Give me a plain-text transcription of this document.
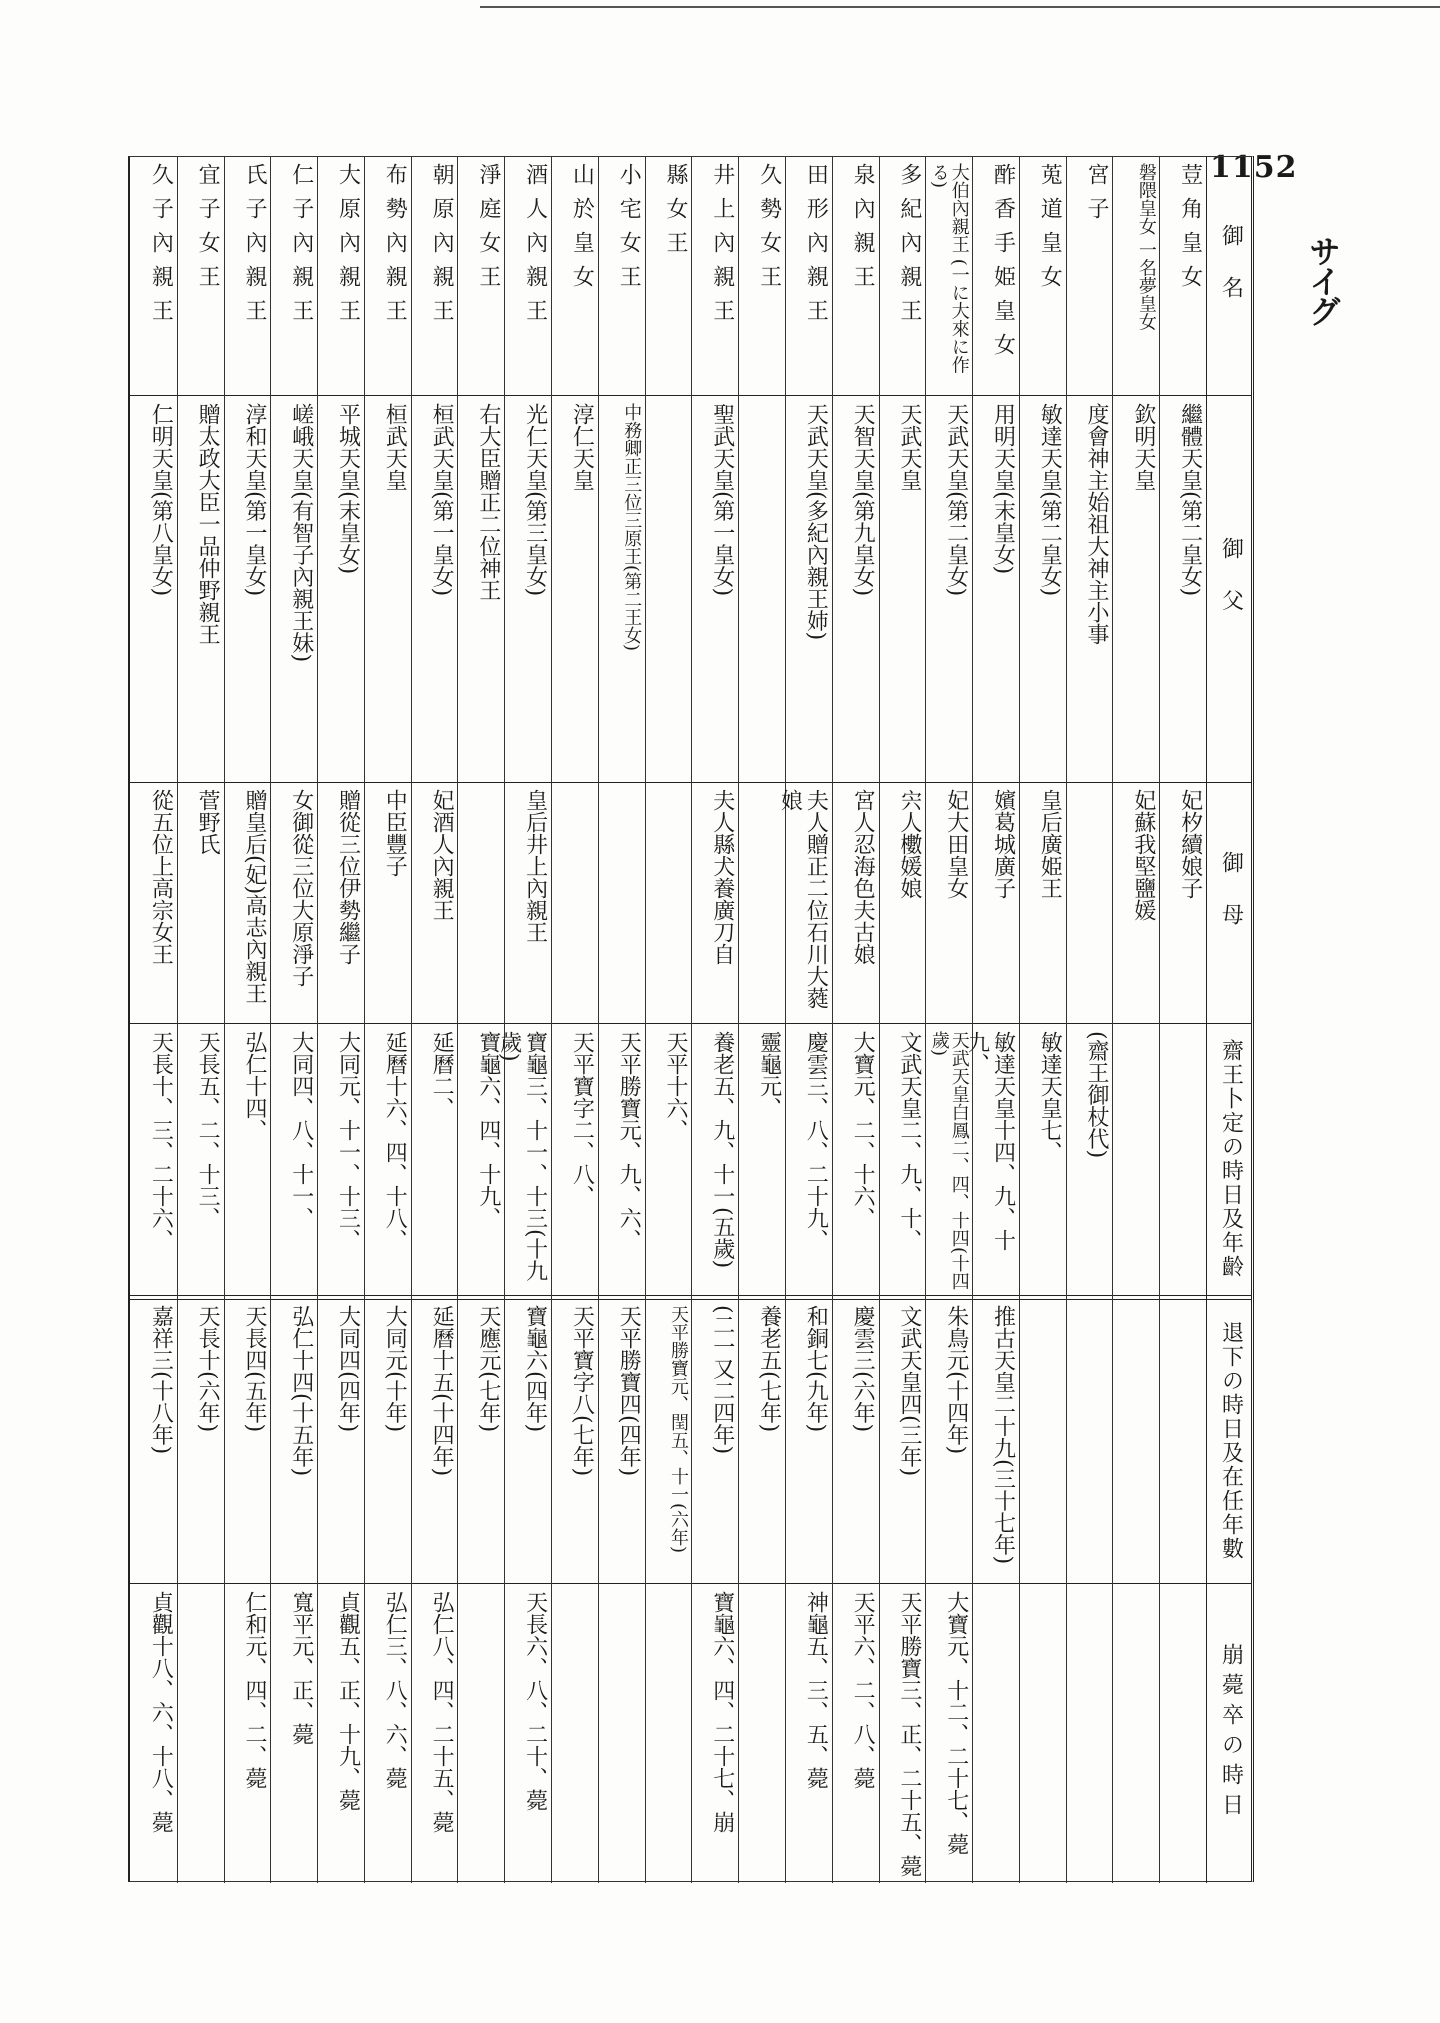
1152
サイグ
御名
御父
御母
齋王卜定の時日及年齡
退下の時日及在任年數
崩薨卒の時日
荳角皇女
繼體天皇(第二皇女)
妃𣏐續娘子
磐隈皇女 一名夢皇女
欽明天皇
妃蘇我堅鹽媛
宮子
度會神主始祖大神主小事
(齋王御杖代)
莵道皇女
敏達天皇(第二皇女)
皇后廣姫王
敏達天皇七、
酢香手姫皇女
用明天皇(末皇女)
嬪葛城廣子
敏達天皇十四、九、十九、
推古天皇二十九(三十七年)
大伯內親王 (一に大來に作る)
天武天皇(第二皇女)
妃大田皇女
天武天皇白鳳二、四、十四(十四歲)
朱鳥元(十四年)
大寶元、十二、二十七、薨
多紀內親王
天武天皇
宍人櫢媛娘
文武天皇二、九、十、
文武天皇四(三年)
天平勝寶三、正、二十五、薨
泉內親王
天智天皇(第九皇女)
宮人忍海色夫古娘
大寶元、二、十六、
慶雲三(六年)
天平六、二、八、薨
田形內親王
天武天皇(多紀內親王姉)
夫人贈正二位石川大蕤娘
慶雲三、八、二十九、
和銅七(九年)
神龜五、三、五、薨
久勢女王
靈龜元、
養老五(七年)
井上內親王
聖武天皇(第一皇女)
夫人縣犬養廣刀自
養老五、九、十一(五歲)
(二一又二四年)
寶龜六、四、二十七、崩
縣女王
天平十六、
天平勝寶元、閏五、十一(六年)
小宅女王
中務卿正三位三原王(第二王女)
天平勝寶元、九、六、
天平勝寶四(四年)
山於皇女
淳仁天皇
天平寶字二、八、
天平寶字八(七年)
酒人內親王
光仁天皇(第三皇女)
皇后井上內親王
寶龜三、十一、十三(十九歲)
寶龜六(四年)
天長六、八、二十、薨
淨庭女王
右大臣贈正二位神王
寶龜六、四、十九、
天應元(七年)
朝原內親王
桓武天皇(第一皇女)
妃酒人內親王
延曆二、
延曆十五(十四年)
弘仁八、四、二十五、薨
布勢內親王
桓武天皇
中臣豐子
延曆十六、四、十八、
大同元(十年)
弘仁三、八、六、薨
大原內親王
平城天皇(末皇女)
贈從三位伊勢繼子
大同元、十一、十三、
大同四(四年)
貞觀五、正、十九、薨
仁子內親王
嵯峨天皇(有智子內親王妹)
女御從三位大原淨子
大同四、八、十一、
弘仁十四(十五年)
寬平元、正、薨
氏子內親王
淳和天皇(第一皇女)
贈皇后(妃)高志內親王
弘仁十四、
天長四(五年)
仁和元、四、二、薨
宜子女王
贈太政大臣一品仲野親王
菅野氏
天長五、二、十三、
天長十(六年)
久子內親王
仁明天皇(第八皇女)
從五位上高宗女王
天長十、三、二十六、
嘉祥三(十八年)
貞觀十八、六、十八、薨
